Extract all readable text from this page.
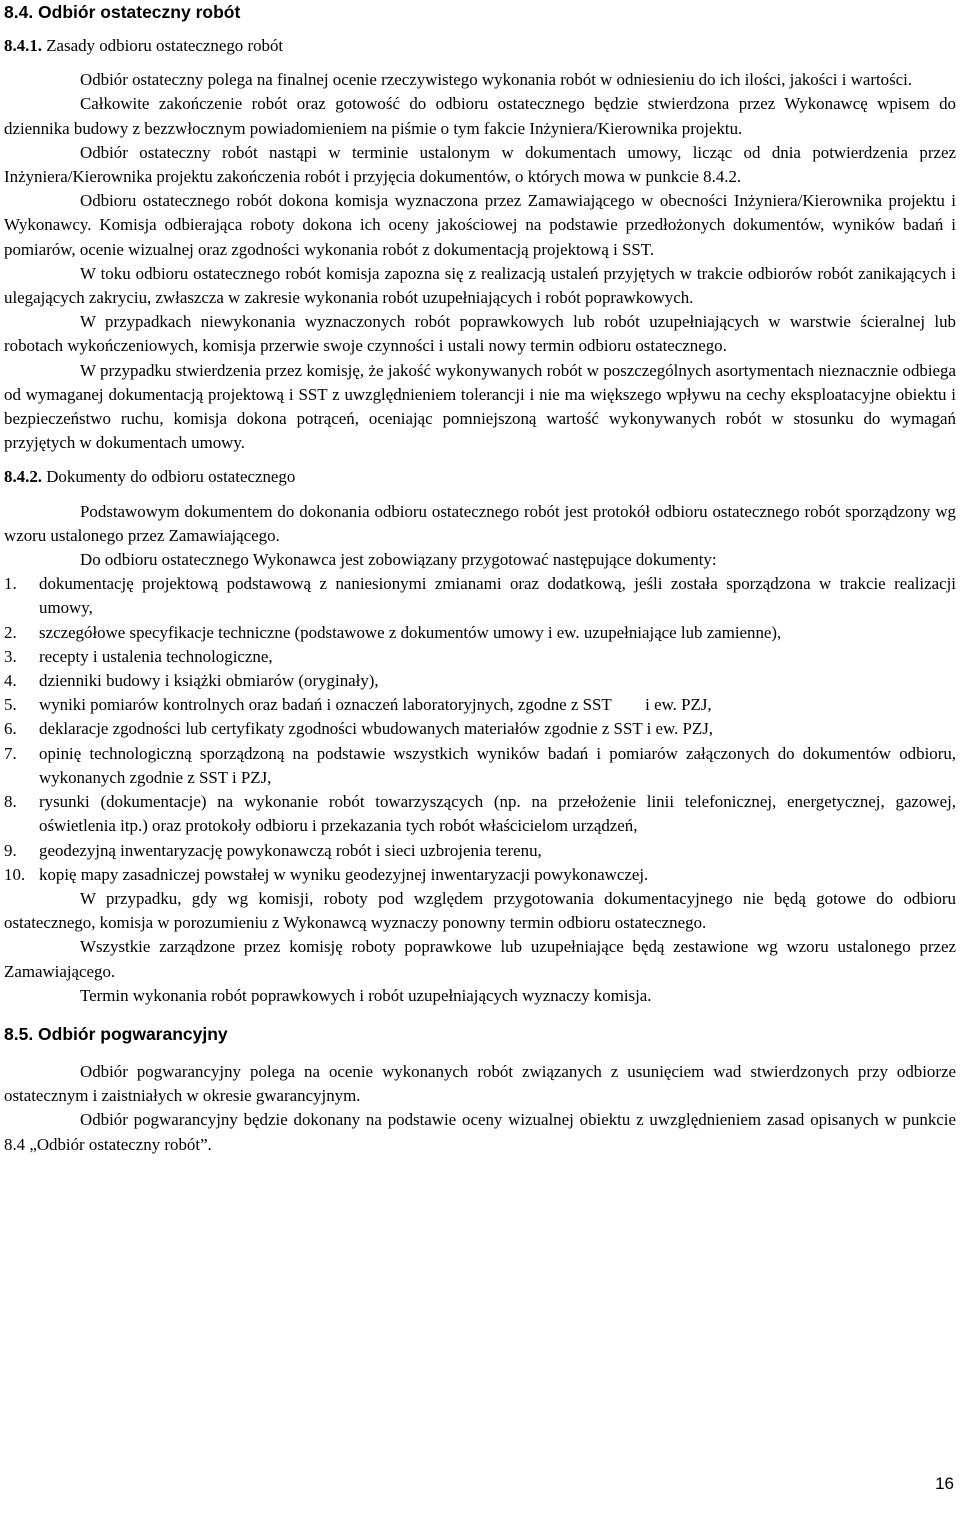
8.4. Odbiór ostateczny robót

8.4.1. Zasady odbioru ostatecznego robót

Odbiór ostateczny polega na finalnej ocenie rzeczywistego wykonania robót w odniesieniu do ich ilości, jakości i wartości.

Całkowite zakończenie robót oraz gotowość do odbioru ostatecznego będzie stwierdzona przez Wykonawcę wpisem do dziennika budowy z bezzwłocznym powiadomieniem na piśmie o tym fakcie Inżyniera/Kierownika projektu.

Odbiór ostateczny robót nastąpi w terminie ustalonym w dokumentach umowy, licząc od dnia potwierdzenia przez Inżyniera/Kierownika projektu zakończenia robót i przyjęcia dokumentów, o których mowa w punkcie 8.4.2.

Odbioru ostatecznego robót dokona komisja wyznaczona przez Zamawiającego w obecności Inżyniera/Kierownika projektu i Wykonawcy. Komisja odbierająca roboty dokona ich oceny jakościowej na podstawie przedłożonych dokumentów, wyników badań i pomiarów, ocenie wizualnej oraz zgodności wykonania robót z dokumentacją projektową i SST.

W toku odbioru ostatecznego robót komisja zapozna się z realizacją ustaleń przyjętych w trakcie odbiorów robót zanikających i ulegających zakryciu, zwłaszcza w zakresie wykonania robót uzupełniających i robót poprawkowych.

W przypadkach niewykonania wyznaczonych robót poprawkowych lub robót uzupełniających w warstwie ścieralnej lub robotach wykończeniowych, komisja przerwie swoje czynności i ustali nowy termin odbioru ostatecznego.

W przypadku stwierdzenia przez komisję, że jakość wykonywanych robót w poszczególnych asortymentach nieznacznie odbiega od wymaganej dokumentacją projektową i SST z uwzględnieniem tolerancji i nie ma większego wpływu na cechy eksploatacyjne obiektu i bezpieczeństwo ruchu, komisja dokona potrąceń, oceniając pomniejszoną wartość wykonywanych robót w stosunku do wymagań przyjętych w dokumentach umowy.

8.4.2. Dokumenty do odbioru ostatecznego

Podstawowym dokumentem do dokonania odbioru ostatecznego robót jest protokół odbioru ostatecznego robót sporządzony wg wzoru ustalonego przez Zamawiającego.

Do odbioru ostatecznego Wykonawca jest zobowiązany przygotować następujące dokumenty:

1.	dokumentację projektową podstawową z naniesionymi zmianami oraz dodatkową, jeśli została sporządzona w trakcie realizacji umowy,
2.	szczegółowe specyfikacje techniczne (podstawowe z dokumentów umowy i ew. uzupełniające lub zamienne),
3.	recepty i ustalenia technologiczne,
4.	dzienniki budowy i książki obmiarów (oryginały),
5.	wyniki pomiarów kontrolnych oraz badań i oznaczeń laboratoryjnych, zgodne z SST        i ew. PZJ,
6.	deklaracje zgodności lub certyfikaty zgodności wbudowanych materiałów zgodnie z SST i ew. PZJ,
7.	opinię technologiczną sporządzoną na podstawie wszystkich wyników badań i pomiarów załączonych do dokumentów odbioru, wykonanych zgodnie z SST i PZJ,
8.	rysunki (dokumentacje) na wykonanie robót towarzyszących (np. na przełożenie linii telefonicznej, energetycznej, gazowej, oświetlenia itp.) oraz protokoły odbioru i przekazania tych robót właścicielom urządzeń,
9.	geodezyjną inwentaryzację powykonawczą robót i sieci uzbrojenia terenu,
10. kopię mapy zasadniczej powstałej w wyniku geodezyjnej inwentaryzacji powykonawczej.

W przypadku, gdy wg komisji, roboty pod względem przygotowania dokumentacyjnego nie będą gotowe do odbioru ostatecznego, komisja w porozumieniu z Wykonawcą wyznaczy ponowny termin odbioru ostatecznego.

Wszystkie zarządzone przez komisję roboty poprawkowe lub uzupełniające będą zestawione wg wzoru ustalonego przez Zamawiającego.

Termin wykonania robót poprawkowych i robót uzupełniających wyznaczy komisja.

8.5. Odbiór pogwarancyjny

Odbiór pogwarancyjny polega na ocenie wykonanych robót związanych z usunięciem wad stwierdzonych przy odbiorze ostatecznym i zaistniałych w okresie gwarancyjnym.

Odbiór pogwarancyjny będzie dokonany na podstawie oceny wizualnej obiektu z uwzględnieniem zasad opisanych w punkcie 8.4 „Odbiór ostateczny robót”.

16
